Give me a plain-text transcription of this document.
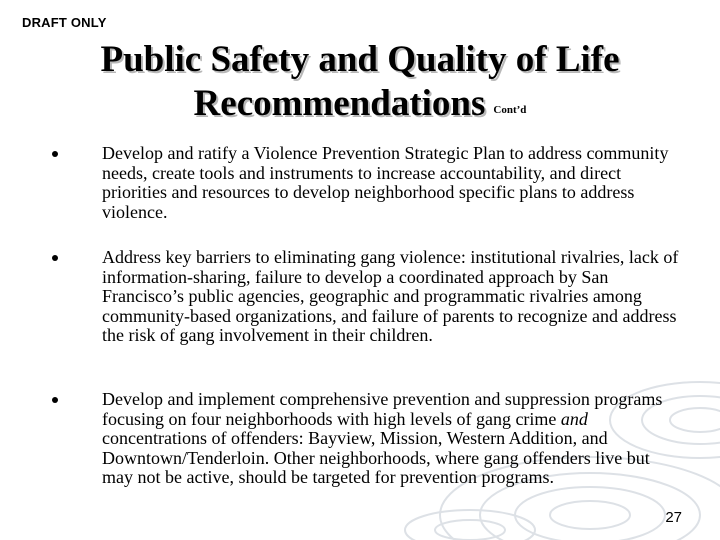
DRAFT ONLY
Public Safety and Quality of Life
Recommendations Cont’d
Develop and ratify a Violence Prevention Strategic Plan to address community needs, create tools and instruments to increase accountability, and direct priorities and resources to develop neighborhood specific plans to address violence.
Address key barriers to eliminating gang violence: institutional rivalries, lack of information-sharing, failure to develop a coordinated approach by San Francisco’s public agencies, geographic and programmatic rivalries among community-based organizations, and failure of parents to recognize and address the risk of gang involvement in their children.
Develop and implement comprehensive prevention and suppression programs focusing on four neighborhoods with high levels of gang crime and concentrations of offenders: Bayview, Mission, Western Addition, and Downtown/Tenderloin. Other neighborhoods, where gang offenders live but may not be active, should be targeted for prevention programs.
27
